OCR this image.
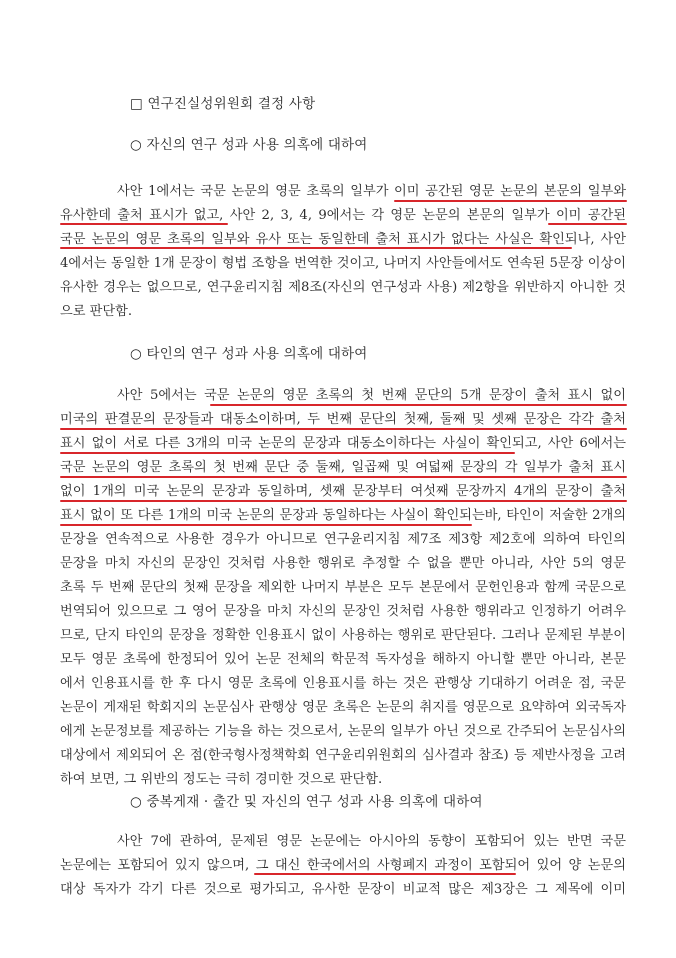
□ 연구진실성위원회 결정 사항
○ 자신의 연구 성과 사용 의혹에 대하여
사안 1에서는 국문 논문의 영문 초록의 일부가 이미 공간된 영문 논문의 본문의 일부와
유사한데 출처 표시가 없고, 사안 2, 3, 4, 9에서는 각 영문 논문의 본문의 일부가 이미 공간된
국문 논문의 영문 초록의 일부와 유사 또는 동일한데 출처 표시가 없다는 사실은 확인되나, 사안
4에서는 동일한 1개 문장이 형법 조항을 번역한 것이고, 나머지 사안들에서도 연속된 5문장 이상이
유사한 경우는 없으므로, 연구윤리지침 제8조(자신의 연구성과 사용) 제2항을 위반하지 아니한 것
으로 판단함.
○ 타인의 연구 성과 사용 의혹에 대하여
사안 5에서는 국문 논문의 영문 초록의 첫 번째 문단의 5개 문장이 출처 표시 없이
미국의 판결문의 문장들과 대동소이하며, 두 번째 문단의 첫째, 둘째 및 셋째 문장은 각각 출처
표시 없이 서로 다른 3개의 미국 논문의 문장과 대동소이하다는 사실이 확인되고, 사안 6에서는
국문 논문의 영문 초록의 첫 번째 문단 중 둘째, 일곱째 및 여덟째 문장의 각 일부가 출처 표시
없이 1개의 미국 논문의 문장과 동일하며, 셋째 문장부터 여섯째 문장까지 4개의 문장이 출처
표시 없이 또 다른 1개의 미국 논문의 문장과 동일하다는 사실이 확인되는바, 타인이 저술한 2개의
문장을 연속적으로 사용한 경우가 아니므로 연구윤리지침 제7조 제3항 제2호에 의하여 타인의
문장을 마치 자신의 문장인 것처럼 사용한 행위로 추정할 수 없을 뿐만 아니라, 사안 5의 영문
초록 두 번째 문단의 첫째 문장을 제외한 나머지 부분은 모두 본문에서 문헌인용과 함께 국문으로
번역되어 있으므로 그 영어 문장을 마치 자신의 문장인 것처럼 사용한 행위라고 인정하기 어려우
므로, 단지 타인의 문장을 정확한 인용표시 없이 사용하는 행위로 판단된다. 그러나 문제된 부분이
모두 영문 초록에 한정되어 있어 논문 전체의 학문적 독자성을 해하지 아니할 뿐만 아니라, 본문
에서 인용표시를 한 후 다시 영문 초록에 인용표시를 하는 것은 관행상 기대하기 어려운 점, 국문
논문이 게재된 학회지의 논문심사 관행상 영문 초록은 논문의 취지를 영문으로 요약하여 외국독자
에게 논문정보를 제공하는 기능을 하는 것으로서, 논문의 일부가 아닌 것으로 간주되어 논문심사의
대상에서 제외되어 온 점(한국형사정책학회 연구윤리위원회의 심사결과 참조) 등 제반사정을 고려
하여 보면, 그 위반의 정도는 극히 경미한 것으로 판단함.
○ 중복게재 · 출간 및 자신의 연구 성과 사용 의혹에 대하여
사안 7에 관하여, 문제된 영문 논문에는 아시아의 동향이 포함되어 있는 반면 국문
논문에는 포함되어 있지 않으며, 그 대신 한국에서의 사형폐지 과정이 포함되어 있어 양 논문의
대상 독자가 각기 다른 것으로 평가되고, 유사한 문장이 비교적 많은 제3장은 그 제목에 이미
